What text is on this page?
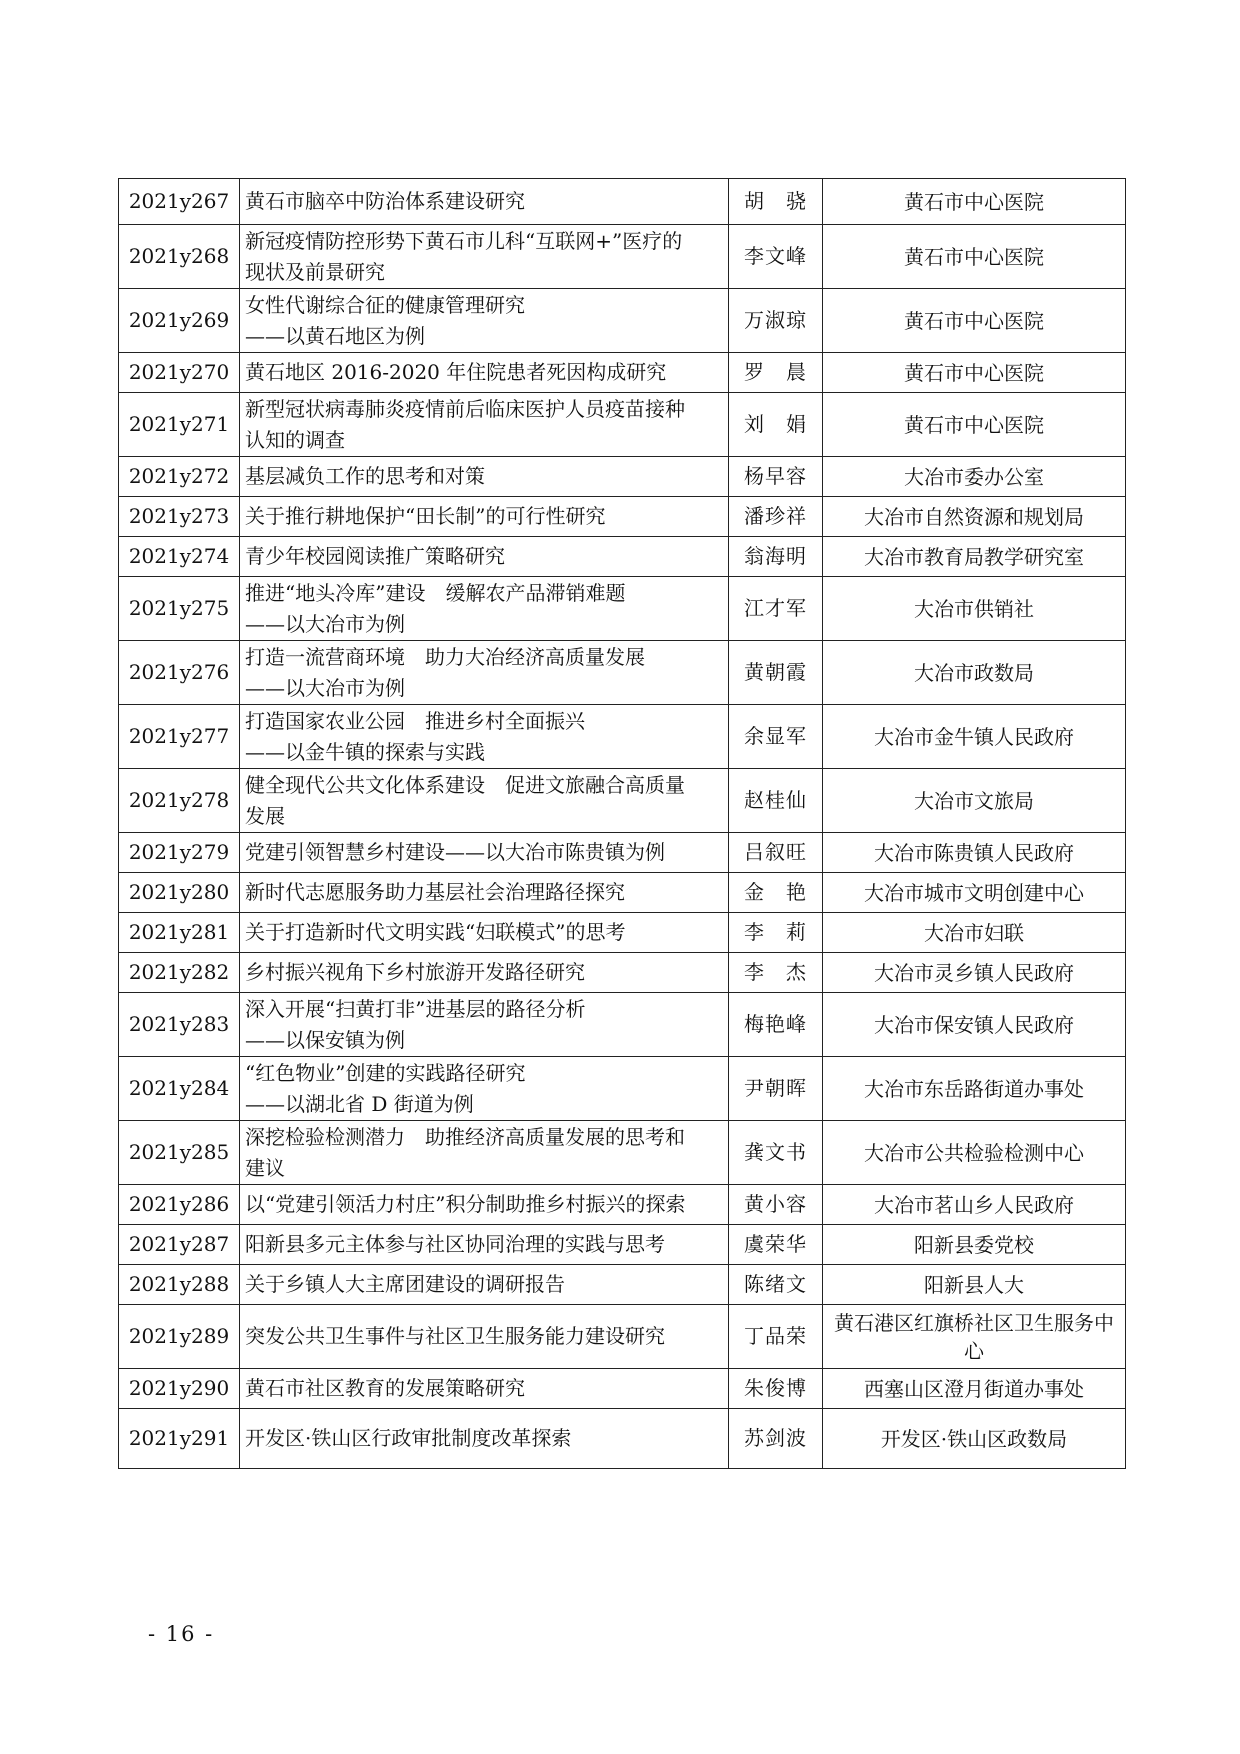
2021y267	黄石市脑卒中防治体系建设研究	胡　骁	黄石市中心医院
2021y268	新冠疫情防控形势下黄石市儿科“互联网+”医疗的
现状及前景研究	李文峰	黄石市中心医院
2021y269	女性代谢综合征的健康管理研究
——以黄石地区为例	万淑琼	黄石市中心医院
2021y270	黄石地区 2016-2020 年住院患者死因构成研究	罗　晨	黄石市中心医院
2021y271	新型冠状病毒肺炎疫情前后临床医护人员疫苗接种
认知的调查	刘　娟	黄石市中心医院
2021y272	基层减负工作的思考和对策	杨早容	大冶市委办公室
2021y273	关于推行耕地保护“田长制”的可行性研究	潘珍祥	大冶市自然资源和规划局
2021y274	青少年校园阅读推广策略研究	翁海明	大冶市教育局教学研究室
2021y275	推进“地头冷库”建设　缓解农产品滞销难题
——以大冶市为例	江才军	大冶市供销社
2021y276	打造一流营商环境　助力大冶经济高质量发展
——以大冶市为例	黄朝霞	大冶市政数局
2021y277	打造国家农业公园　推进乡村全面振兴
——以金牛镇的探索与实践	余显军	大冶市金牛镇人民政府
2021y278	健全现代公共文化体系建设　促进文旅融合高质量
发展	赵桂仙	大冶市文旅局
2021y279	党建引领智慧乡村建设——以大冶市陈贵镇为例	吕叙旺	大冶市陈贵镇人民政府
2021y280	新时代志愿服务助力基层社会治理路径探究	金　艳	大冶市城市文明创建中心
2021y281	关于打造新时代文明实践“妇联模式”的思考	李　莉	大冶市妇联
2021y282	乡村振兴视角下乡村旅游开发路径研究	李　杰	大冶市灵乡镇人民政府
2021y283	深入开展“扫黄打非”进基层的路径分析
——以保安镇为例	梅艳峰	大冶市保安镇人民政府
2021y284	“红色物业”创建的实践路径研究
——以湖北省 D 街道为例	尹朝晖	大冶市东岳路街道办事处
2021y285	深挖检验检测潜力　助推经济高质量发展的思考和
建议	龚文书	大冶市公共检验检测中心
2021y286	以“党建引领活力村庄”积分制助推乡村振兴的探索	黄小容	大冶市茗山乡人民政府
2021y287	阳新县多元主体参与社区协同治理的实践与思考	虞荣华	阳新县委党校
2021y288	关于乡镇人大主席团建设的调研报告	陈绪文	阳新县人大
2021y289	突发公共卫生事件与社区卫生服务能力建设研究	丁品荣	黄石港区红旗桥社区卫生服务中心
2021y290	黄石市社区教育的发展策略研究	朱俊博	西塞山区澄月街道办事处
2021y291	开发区·铁山区行政审批制度改革探索	苏剑波	开发区·铁山区政数局
- 16 -
